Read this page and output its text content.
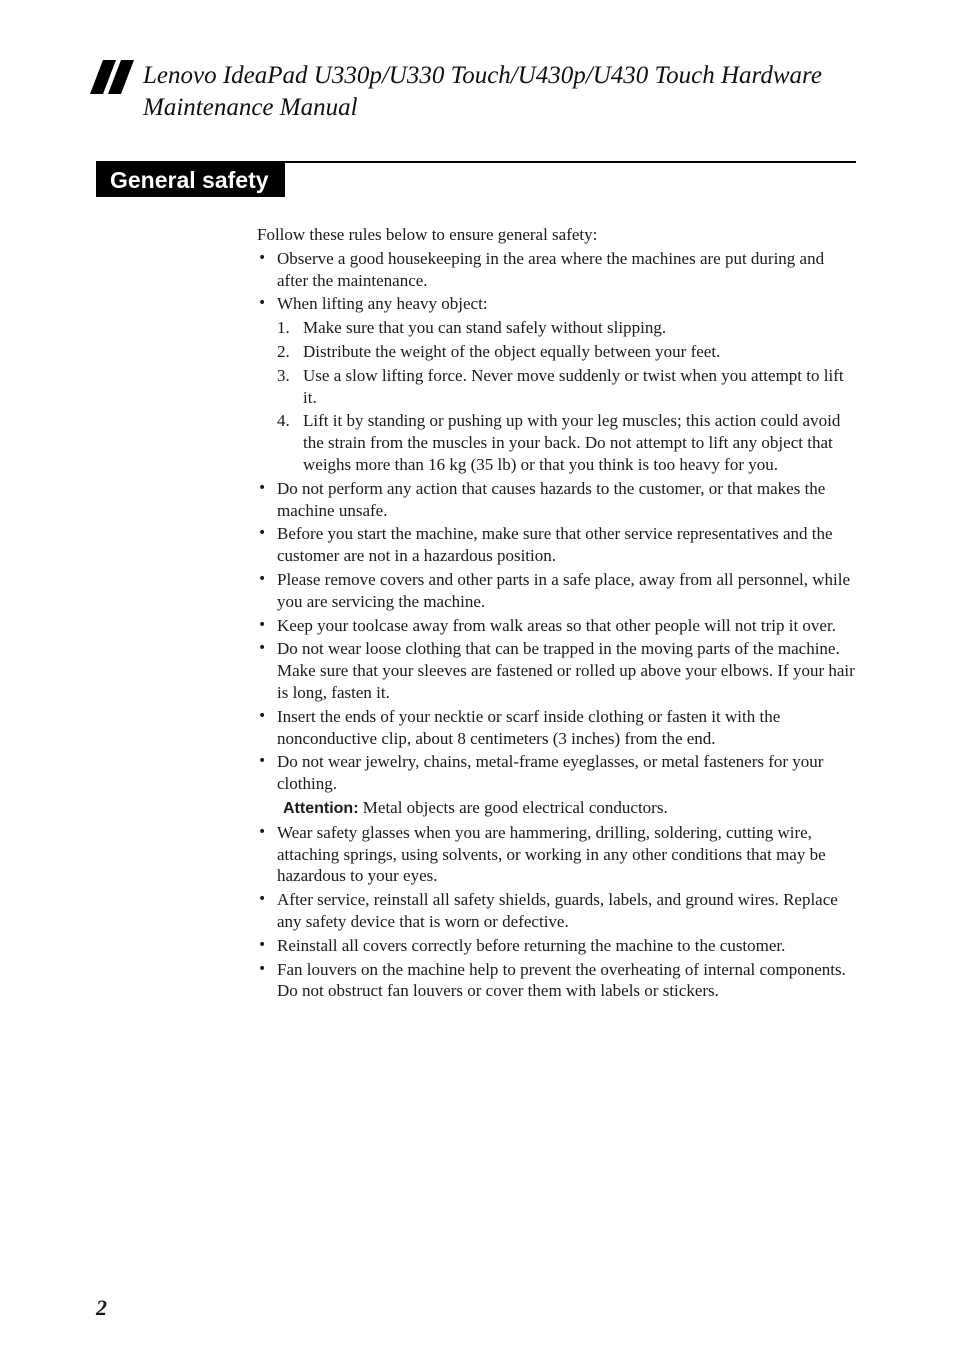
Lenovo IdeaPad U330p/U330 Touch/U430p/U430 Touch Hardware
Maintenance Manual
General safety

Follow these rules below to ensure general safety:

• Observe a good housekeeping in the area where the machines are put during and after the maintenance.
• When lifting any heavy object:
1. Make sure that you can stand safely without slipping.
2. Distribute the weight of the object equally between your feet.
3. Use a slow lifting force. Never move suddenly or twist when you attempt to lift it.
4. Lift it by standing or pushing up with your leg muscles; this action could avoid the strain from the muscles in your back. Do not attempt to lift any object that weighs more than 16 kg (35 lb) or that you think is too heavy for you.
• Do not perform any action that causes hazards to the customer, or that makes the machine unsafe.
• Before you start the machine, make sure that other service representatives and the customer are not in a hazardous position.
• Please remove covers and other parts in a safe place, away from all personnel, while you are servicing the machine.
• Keep your toolcase away from walk areas so that other people will not trip it over.
• Do not wear loose clothing that can be trapped in the moving parts of the machine. Make sure that your sleeves are fastened or rolled up above your elbows. If your hair is long, fasten it.
• Insert the ends of your necktie or scarf inside clothing or fasten it with the nonconductive clip, about 8 centimeters (3 inches) from the end.
• Do not wear jewelry, chains, metal-frame eyeglasses, or metal fasteners for your clothing.
Attention: Metal objects are good electrical conductors.
• Wear safety glasses when you are hammering, drilling, soldering, cutting wire, attaching springs, using solvents, or working in any other conditions that may be hazardous to your eyes.
• After service, reinstall all safety shields, guards, labels, and ground wires. Replace any safety device that is worn or defective.
• Reinstall all covers correctly before returning the machine to the customer.
• Fan louvers on the machine help to prevent the overheating of internal components. Do not obstruct fan louvers or cover them with labels or stickers.
2
